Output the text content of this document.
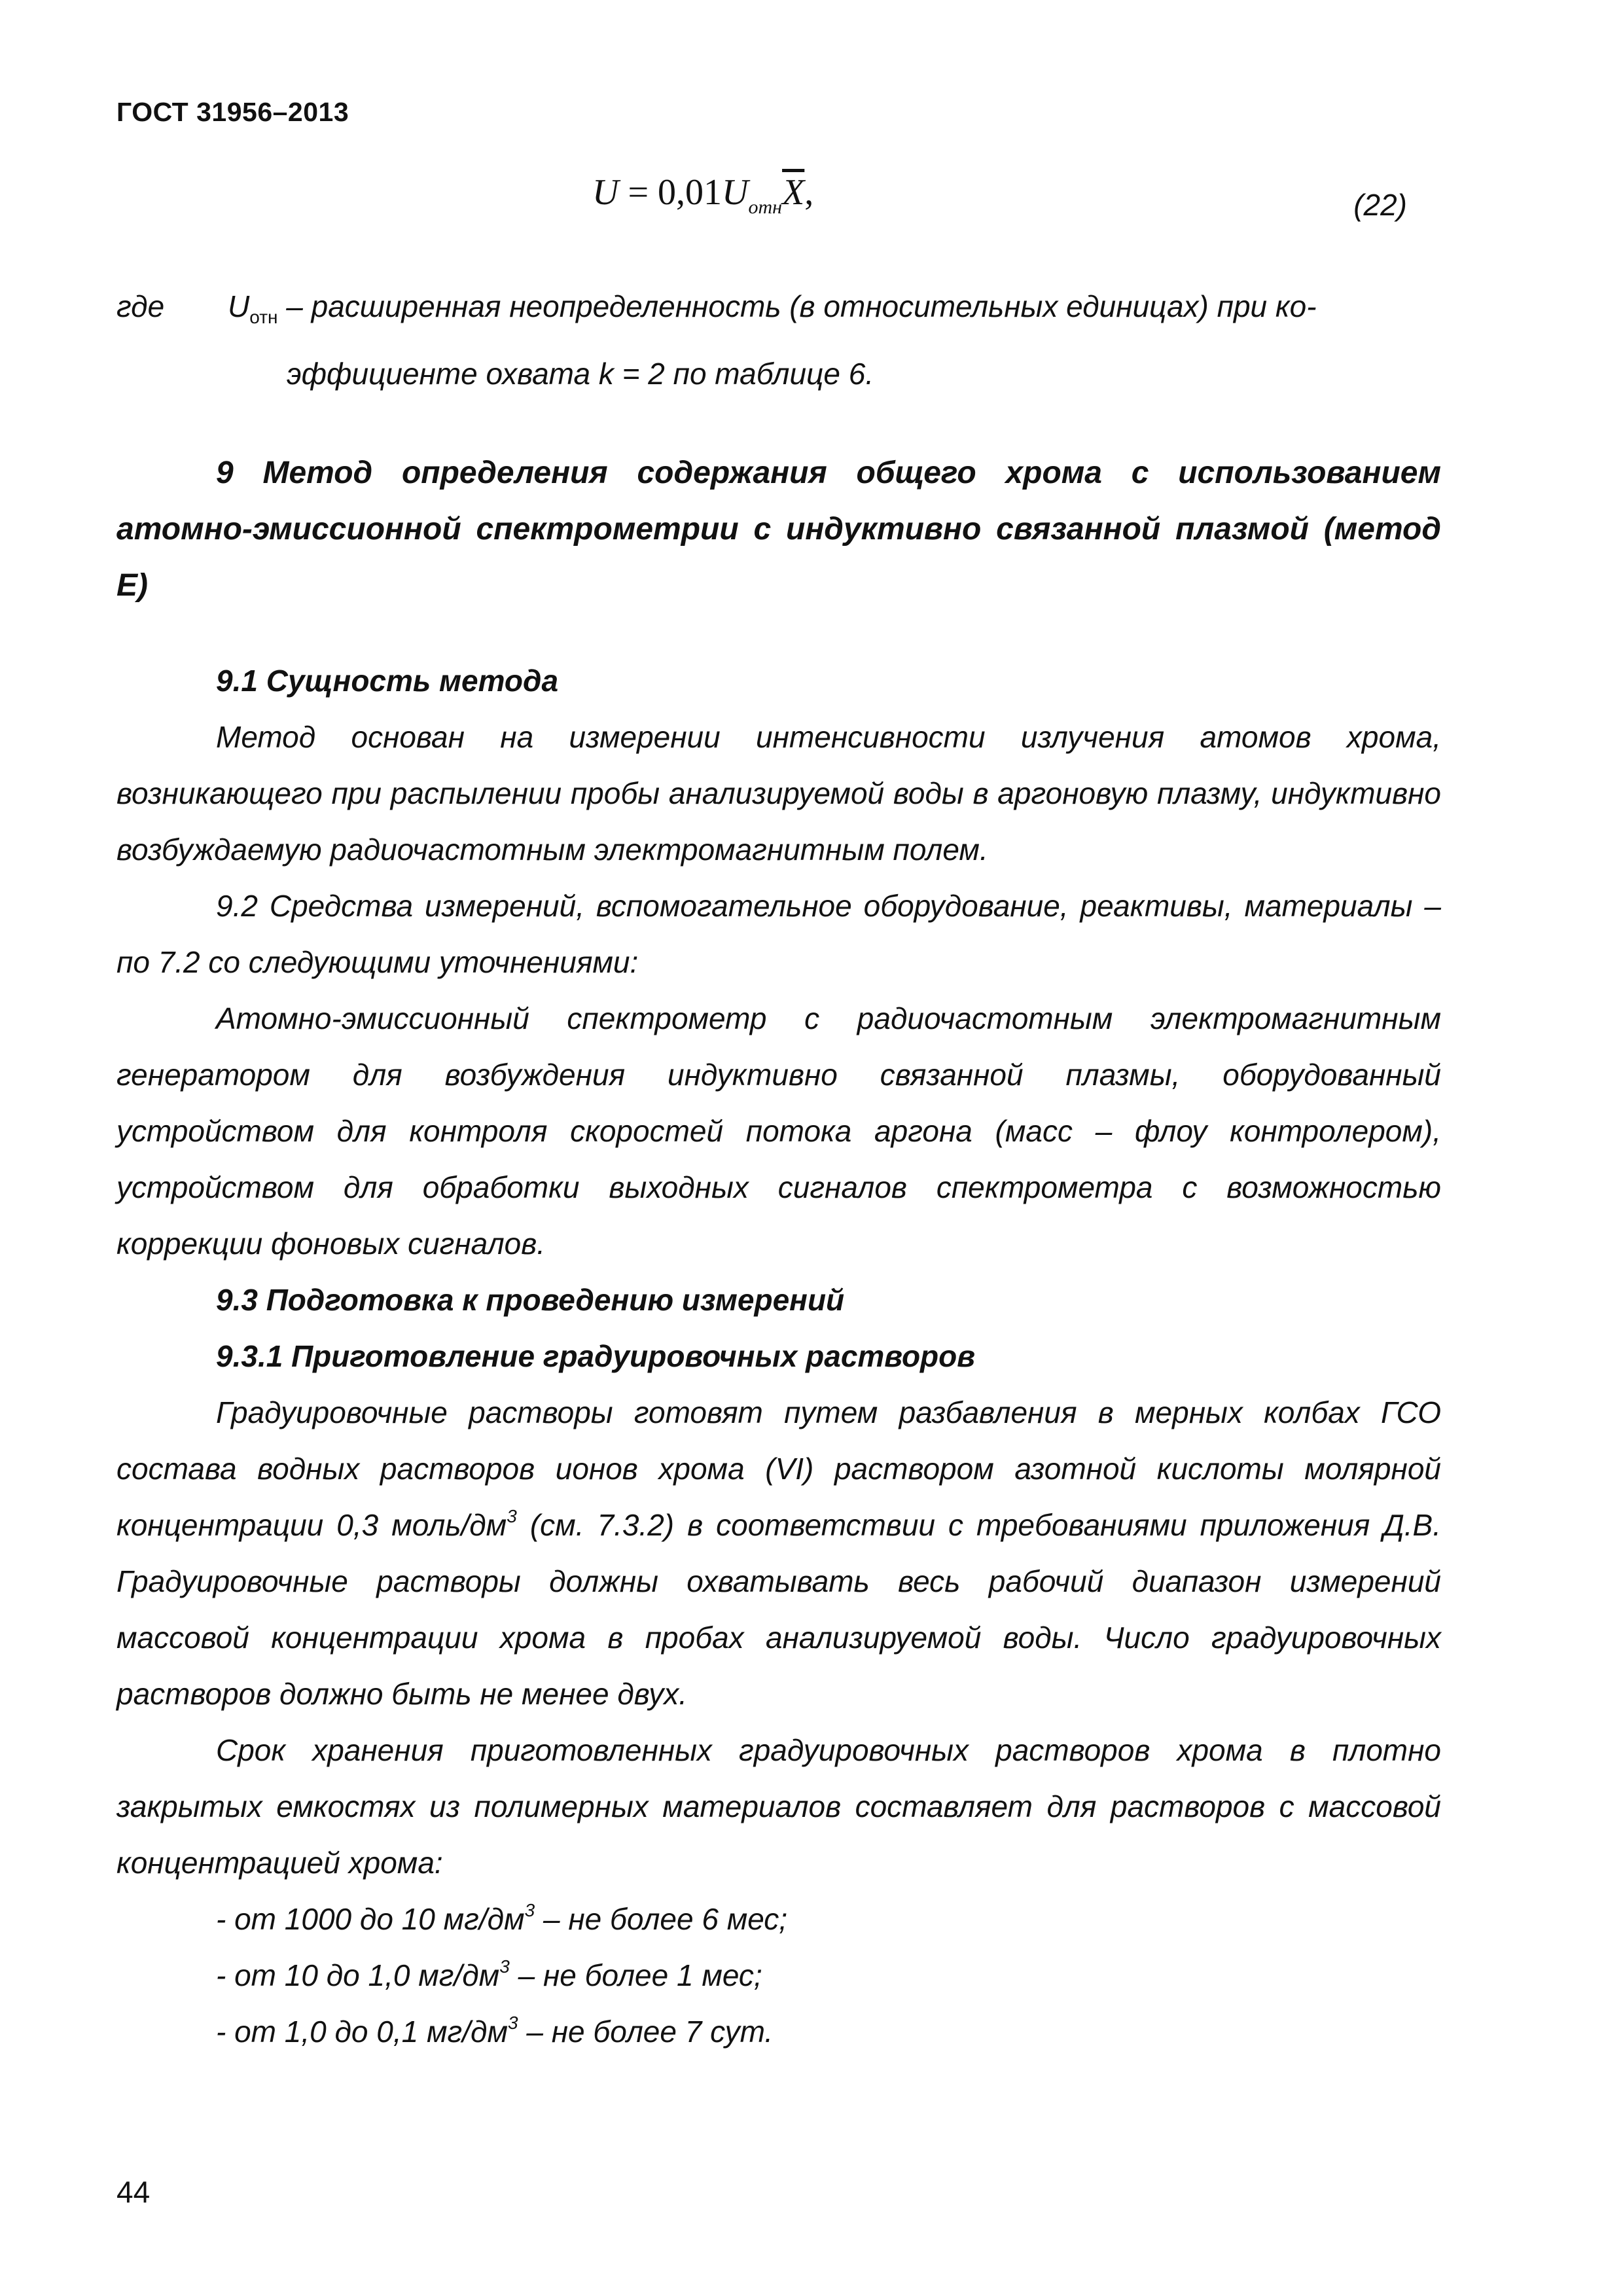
ГОСТ 31956–2013
$U = 0,01U_{отн}\overline{X}$,	(22)
где $U_{отн}$ – расширенная неопределенность (в относительных единицах) при ко-
эффициенте охвата k = 2 по таблице 6.
9 Метод определения содержания общего хрома с использованием атомно-эмиссионной спектрометрии с индуктивно связанной плазмой (метод Е)

9.1 Сущность метода

Метод основан на измерении интенсивности излучения атомов хрома, возникающего при распылении пробы анализируемой воды в аргоновую плазму, индуктивно возбуждаемую радиочастотным электромагнитным полем.

9.2 Средства измерений, вспомогательное оборудование, реактивы, материалы – по 7.2 со следующими уточнениями:

Атомно-эмиссионный спектрометр с радиочастотным электромагнитным генератором для возбуждения индуктивно связанной плазмы, оборудованный устройством для контроля скоростей потока аргона (масс – флоу контролером), устройством для обработки выходных сигналов спектрометра с возможностью коррекции фоновых сигналов.

9.3 Подготовка к проведению измерений

9.3.1 Приготовление градуировочных растворов

Градуировочные растворы готовят путем разбавления в мерных колбах ГСО состава водных растворов ионов хрома (VI) раствором азотной кислоты молярной концентрации 0,3 моль/$дм^3$ (см. 7.3.2) в соответствии с требованиями приложения Д.В. Градуировочные растворы должны охватывать весь рабочий диапазон измерений массовой концентрации хрома в пробах анализируемой воды. Число градуировочных растворов должно быть не менее двух.

Срок хранения приготовленных градуировочных растворов хрома в плотно закрытых емкостях из полимерных материалов составляет для растворов с массовой концентрацией хрома:

- от 1000 до 10 $мг/дм^3$ – не более 6 мес;

- от 10 до 1,0 $мг/дм^3$ – не более 1 мес;

- от 1,0 до 0,1 $мг/дм^3$ – не более 7 сут.

44
